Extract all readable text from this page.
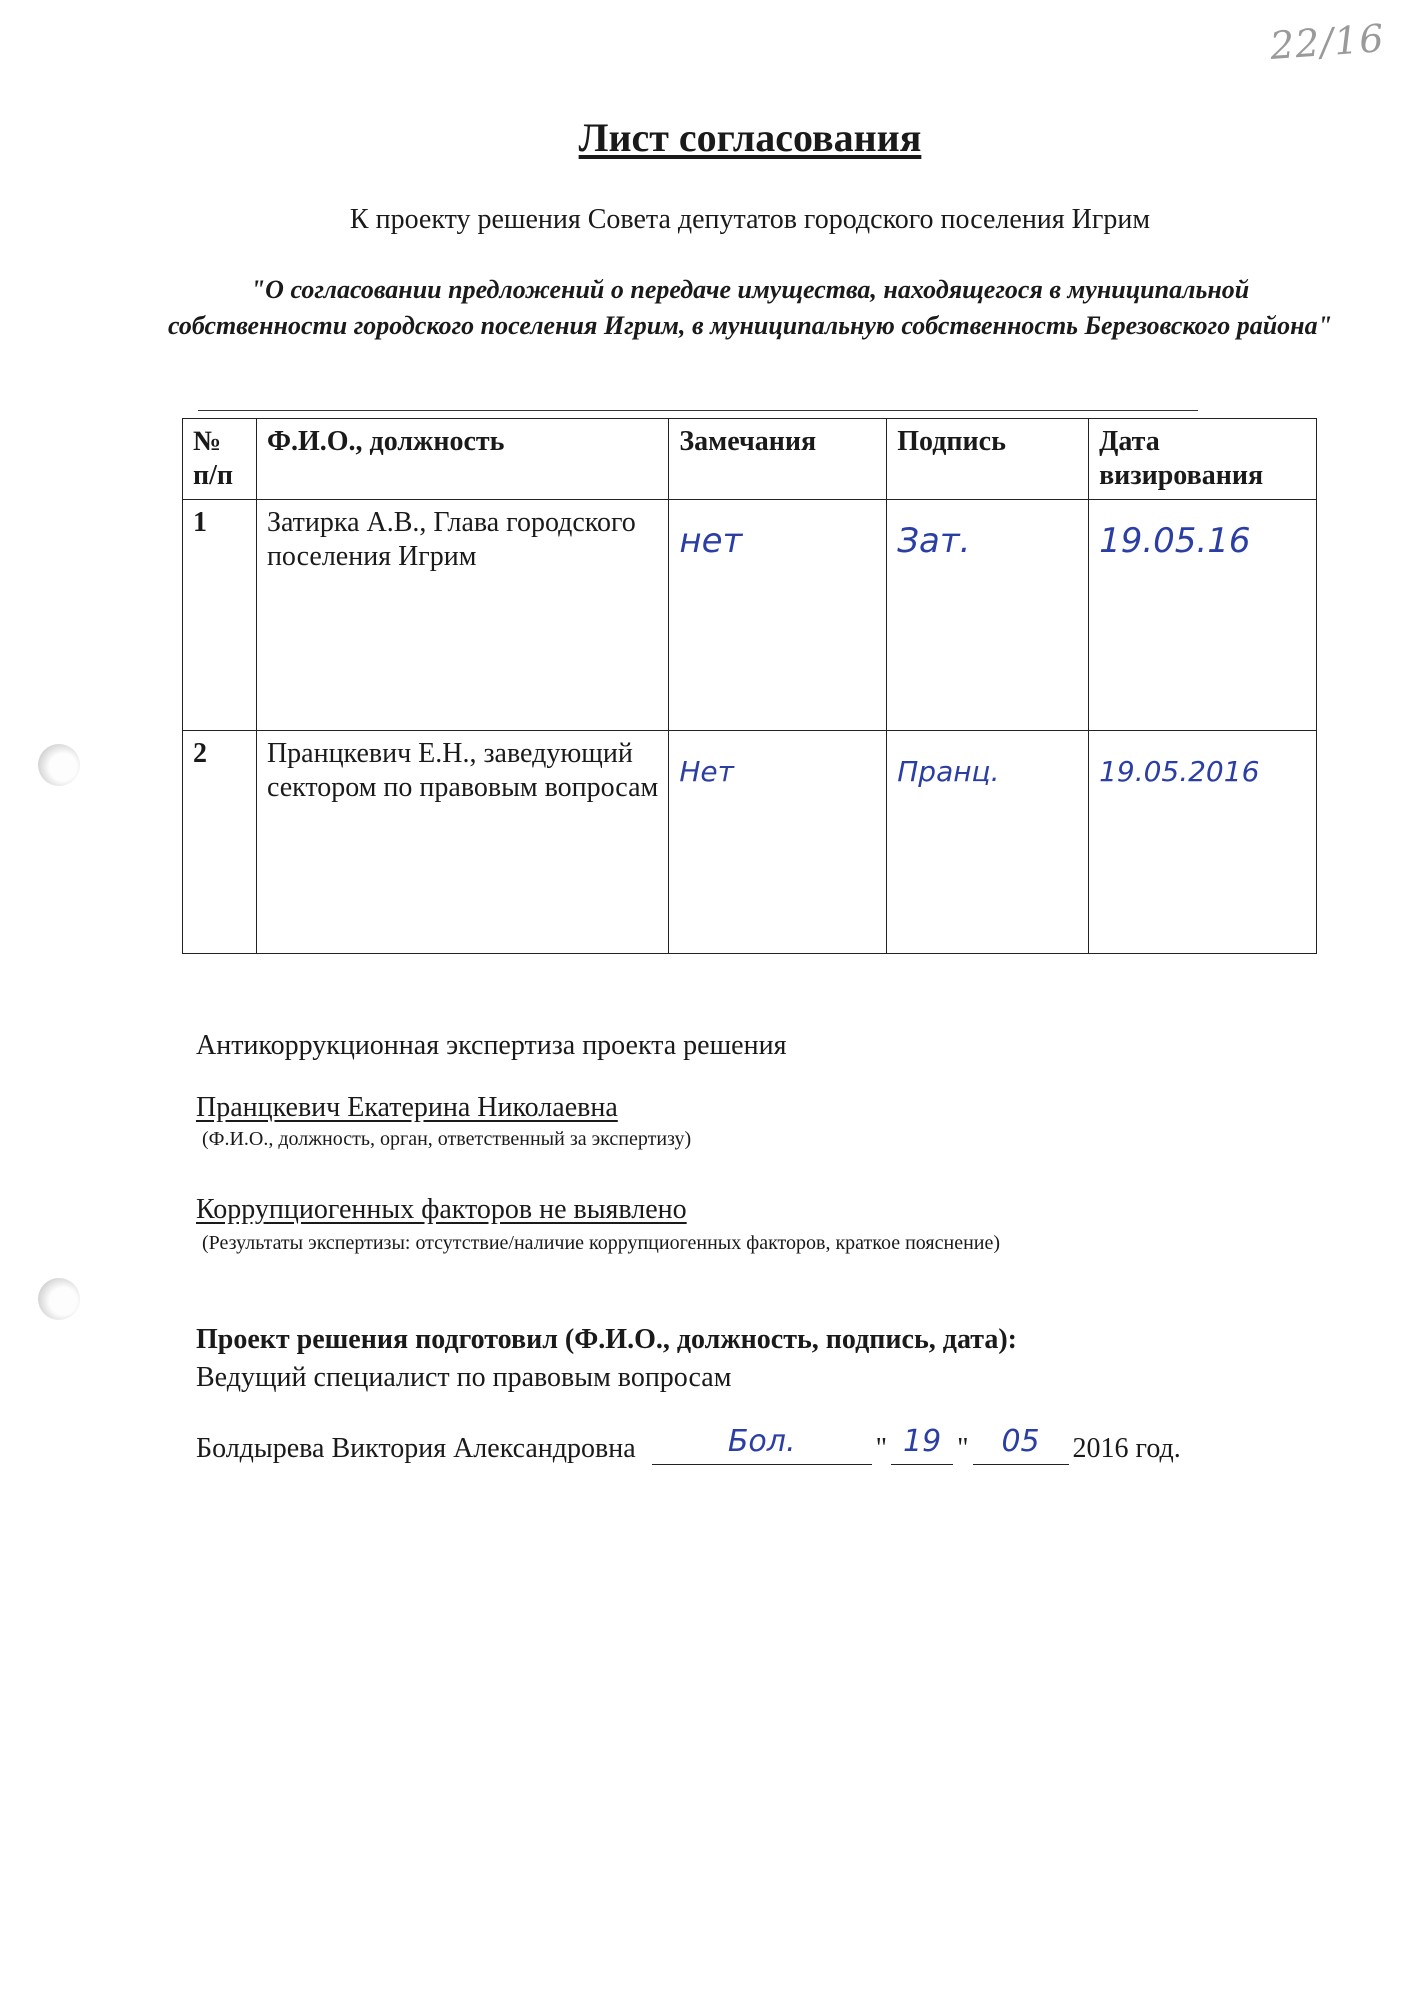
22/16
Лист согласования
К проекту решения Совета депутатов городского поселения Игрим
"О согласовании предложений о передаче имущества, находящегося в муниципальной собственности городского поселения Игрим, в муниципальную собственность Березовского района"
№ п/п	Ф.И.О., должность	Замечания	Подпись	Дата визирования
1	Затирка А.В., Глава городского поселения Игрим	нет	Зат.	19.05.16

2	Пранцкевич Е.Н., заведующий сектором по правовым вопросам	Нет	Пранц.	19.05.2016
Антикоррукционная экспертиза проекта решения
Пранцкевич Екатерина Николаевна
(Ф.И.О., должность, орган, ответственный за экспертизу)
Коррупциогенных факторов не выявлено
(Результаты экспертизы: отсутствие/наличие коррупциогенных факторов, краткое пояснение)
Проект решения подготовил (Ф.И.О., должность, подпись, дата):
Ведущий специалист по правовым вопросам
Болдырева Виктория Александровна	Бол.	" 19 "	05	2016 год.
